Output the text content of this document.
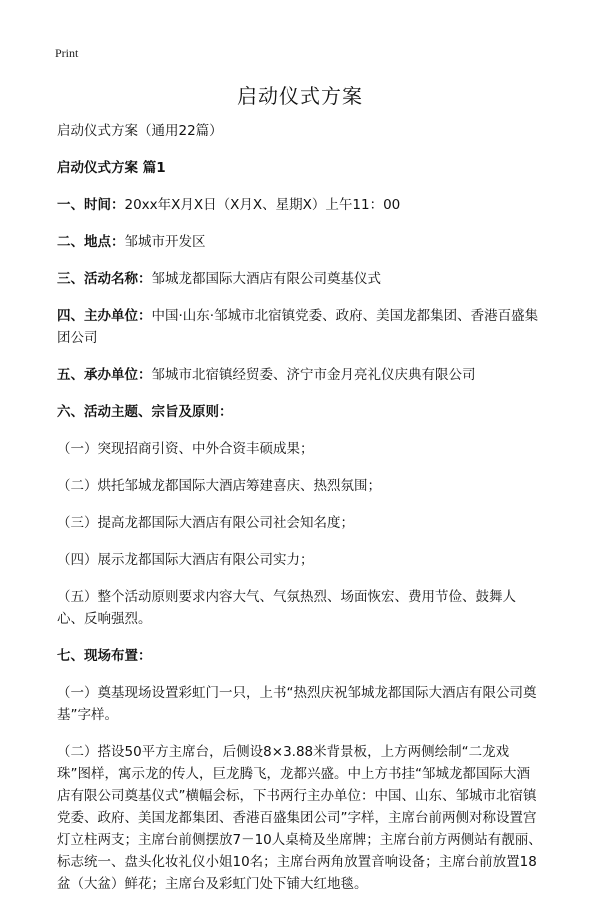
Print
启动仪式方案

启动仪式方案（通用22篇）

启动仪式方案 篇1

一、时间：20xx年X月X日（X月X、星期X）上午11：00

二、地点：邹城市开发区

三、活动名称：邹城龙都国际大酒店有限公司奠基仪式

四、主办单位：中国·山东·邹城市北宿镇党委、政府、美国龙都集团、香港百盛集团公司

五、承办单位：邹城市北宿镇经贸委、济宁市金月亮礼仪庆典有限公司

六、活动主题、宗旨及原则：

（一）突现招商引资、中外合资丰硕成果；

（二）烘托邹城龙都国际大酒店筹建喜庆、热烈氛围；

（三）提高龙都国际大酒店有限公司社会知名度；

（四）展示龙都国际大酒店有限公司实力；

（五）整个活动原则要求内容大气、气氛热烈、场面恢宏、费用节俭、鼓舞人心、反响强烈。

七、现场布置：

（一）奠基现场设置彩虹门一只，上书“热烈庆祝邹城龙都国际大酒店有限公司奠基”字样。

（二）搭设50平方主席台，后侧设8×3.88米背景板，上方两侧绘制“二龙戏珠”图样，寓示龙的传人，巨龙腾飞，龙都兴盛。中上方书挂“邹城龙都国际大酒店有限公司奠基仪式”横幅会标，下书两行主办单位：中国、山东、邹城市北宿镇党委、政府、美国龙都集团、香港百盛集团公司”字样，主席台前两侧对称设置宫灯立柱两支；主席台前侧摆放7－10人桌椅及坐席牌；主席台前方两侧站有靓丽、标志统一、盘头化妆礼仪小姐10名；主席台两角放置音响设备；主席台前放置18盆（大盆）鲜花；主席台及彩虹门处下铺大红地毯。
